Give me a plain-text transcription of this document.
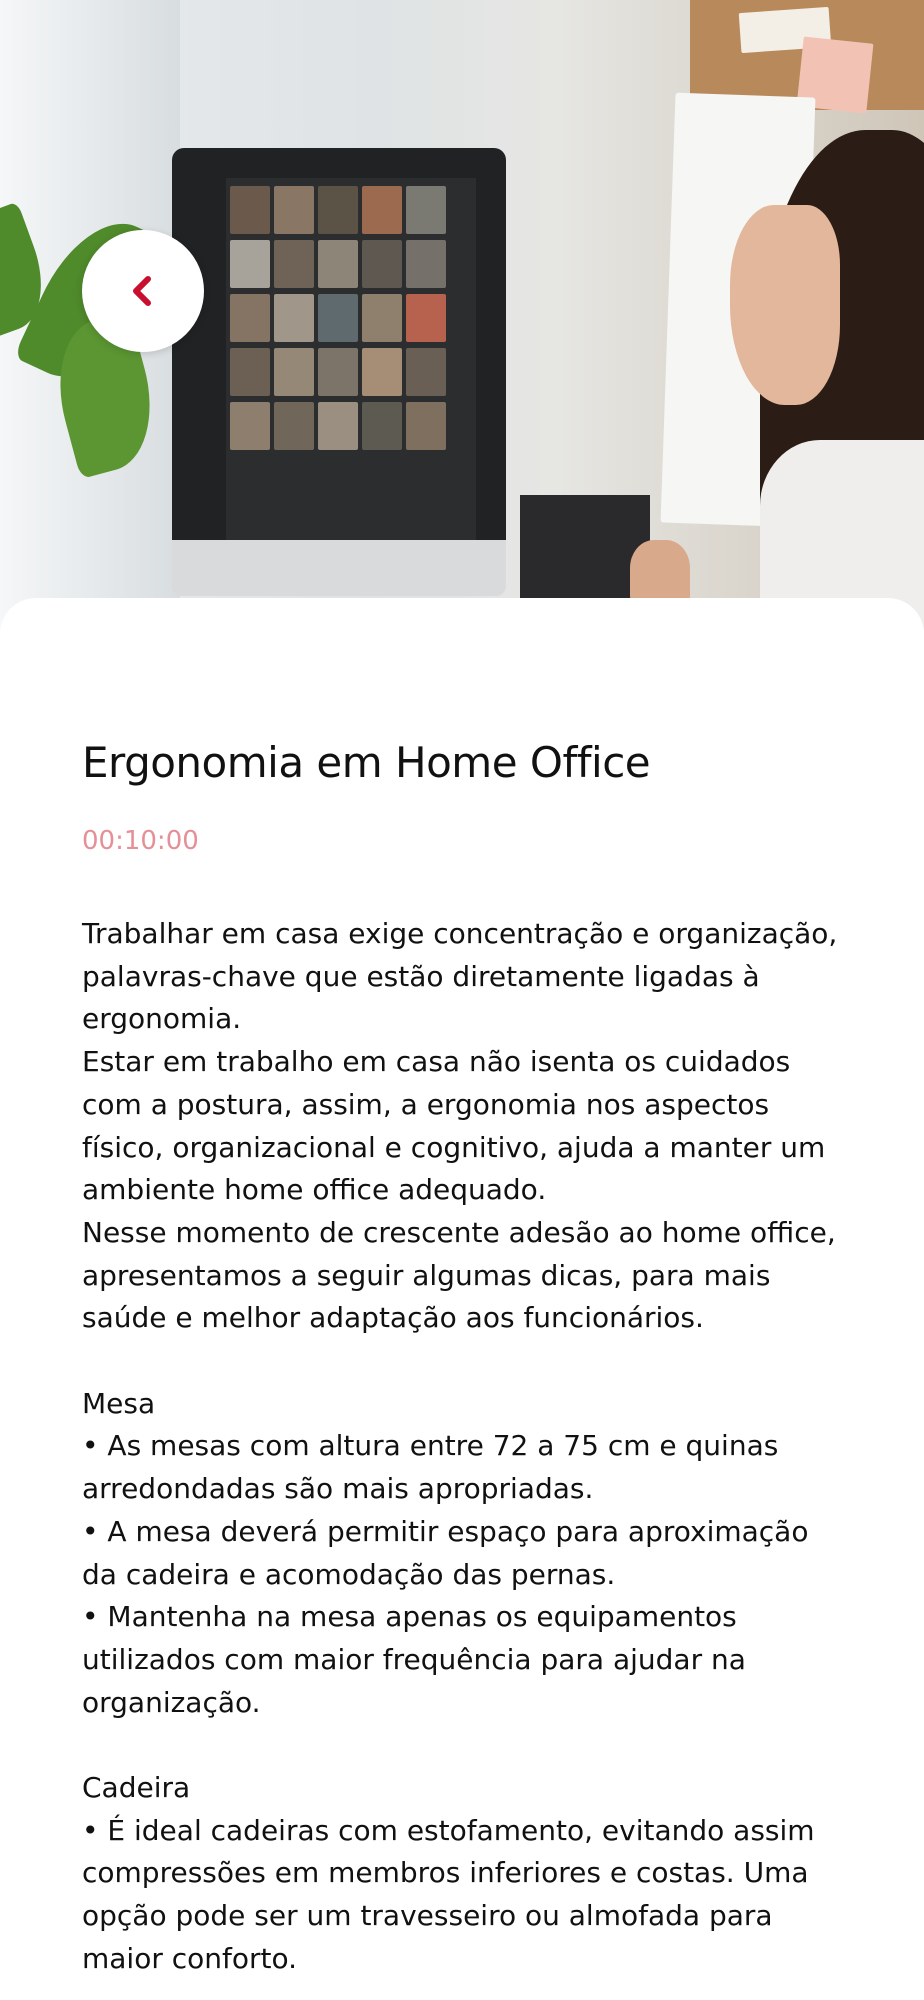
Ergonomia em Home Office
00:10:00

Trabalhar em casa exige concentração e organização, palavras-chave que estão diretamente ligadas à ergonomia.

Estar em trabalho em casa não isenta os cuidados com a postura, assim, a ergonomia nos aspectos físico, organizacional e cognitivo, ajuda a manter um ambiente home office adequado.

Nesse momento de crescente adesão ao home office, apresentamos a seguir algumas dicas, para mais saúde e melhor adaptação aos funcionários.

Mesa

• As mesas com altura entre 72 a 75 cm e quinas arredondadas são mais apropriadas.

• A mesa deverá permitir espaço para aproximação da cadeira e acomodação das pernas.

• Mantenha na mesa apenas os equipamentos utilizados com maior frequência para ajudar na organização.

Cadeira

• É ideal cadeiras com estofamento, evitando assim compressões em membros inferiores e costas. Uma opção pode ser um travesseiro ou almofada para maior conforto.
